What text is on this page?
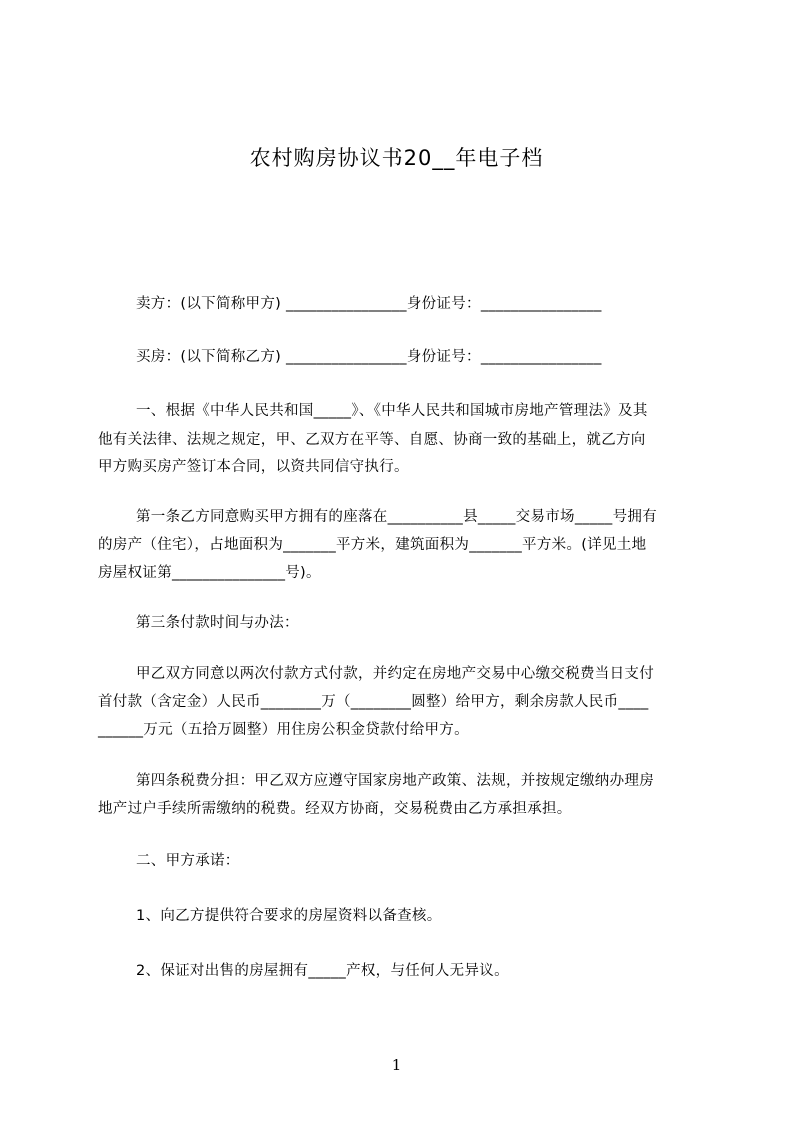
农村购房协议书20__年电子档
卖方：(以下简称甲方) ________________身份证号：________________
买房：(以下简称乙方) ________________身份证号：________________
一、根据《中华人民共和国_____》、《中华人民共和国城市房地产管理法》及其
他有关法律、法规之规定，甲、乙双方在平等、自愿、协商一致的基础上，就乙方向
甲方购买房产签订本合同，以资共同信守执行。
第一条乙方同意购买甲方拥有的座落在__________县_____交易市场_____号拥有
的房产（住宅），占地面积为_______平方米，建筑面积为_______平方米。(详见土地
房屋权证第_______________号)。
第三条付款时间与办法：
甲乙双方同意以两次付款方式付款，并约定在房地产交易中心缴交税费当日支付
首付款（含定金）人民币________万（________圆整）给甲方，剩余房款人民币____
______万元（五拾万圆整）用住房公积金贷款付给甲方。
第四条税费分担：甲乙双方应遵守国家房地产政策、法规，并按规定缴纳办理房
地产过户手续所需缴纳的税费。经双方协商，交易税费由乙方承担承担。
二、甲方承诺：
1、向乙方提供符合要求的房屋资料以备查核。
2、保证对出售的房屋拥有_____产权，与任何人无异议。
1
